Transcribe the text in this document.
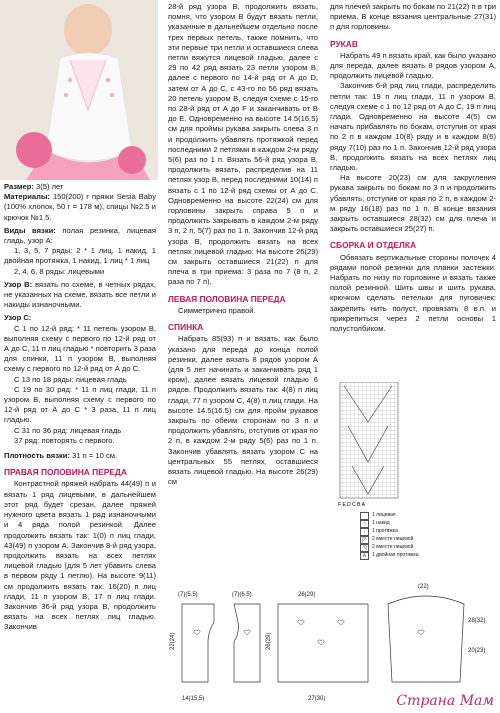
Размер: 3(5) лет

Материалы: 150(200) г пряжи Sesia Baby (100% хлопок, 50 г = 178 м), спицы №2.5 и крючок №1.5.

Виды вязки: полая резинка, лицевая гладь, узор А:

1, 3, 5, 7 ряды: 2 * 1 лиц, 1 накид, 1 двойная протяжка, 1 накид, 1 лиц * 1 лиц

2, 4, 6, 8 ряды: лицевыми

Узор B: вязать по схеме, в четных рядах, не указанных на схеме, вязать все петли и накиды изнаночными.

Узор С:

С 1 по 12-й ряд: * 11 петель узором В, выполняя схему с первого по 12-й ряд от А до С, 11 п лиц гладью * повторить 3 раза для спинки, 11 п узором В, выполняя схему с первого по 12-й ряд от А до С.

С 13 по 18 ряды: лицевая гладь

С 19 по 30 ряд: * 11 п лиц глади, 11 п узором В, выполняя схему с первого по 12-й ряд от А до С * 3 раза, 11 п лиц гладью.

С 31 по 36 ряд: лицевая гладь

37 ряд: повторять с первого.

Плотность вязки: 31 п = 10 см.

ПРАВАЯ ПОЛОВИНА ПЕРЕДА

Контрастной пряжей набрать 44(49) п и вязать 1 ряд лицевыми, в дальнейшем этот ряд будет срезан, далее пряжей нужного цвета вязать 1 ряд изнаночными и 4 ряда полой резинкой. Далее продолжить вязать так: 1(0) п лиц глади, 43(49) п узором А. Закончив 8-й ряд узора, продолжить вязать на всех петлях лицевой гладью (для 5 лет убавить слева в первом ряду 1 петлю). На высоте 9(11) см продолжить вязать так: 16(20) п лиц глади, 11 п узором В, 17 п лиц глади. Закончив 36-й ряд узора В, продолжить вязать на всех петлях лиц гладью. Закончив

28-й ряд узора В, продолжить вязать, помня, что узором В будут вязать петли, указанные в дальнейшем отдельно после трех первых петель, также помнить, что эти первые три петли и оставшиеся слева петли вяжутся лицевой гладью, далее с 29 по 42 ряд вязать 23 петли узором В, далее с первого по 14-й ряд от А до D, затем от А до С, с 43-го по 56 ряд вязать 20 петель узором В, следуя схеме с 15-го по 28-й ряд от А до F и заканчивать от B до E. Одновременно на высоте 14.5(16.5) см для проймы рукава закрыть слева 3 п и продолжить убавлять протяжкой перед последними 2 петлями в каждом 2-м ряду 5(6) раз по 1 п. Вязать 56-й ряд узора В, продолжить вязать, распределив на 11 петлях узор В, перед последними 10(14) п вязать с 1 по 12-й ряд схемы от А до С. Одновременно на высоте 22(24) см для горловины закрыть справа 5 п и продолжить закрывать в каждом 2-м ряду 3 п, 2 п, 5(7) раз по 1 п. Закончив 12-й ряд узора В, продолжить вязать на всех петлях лицевой гладью. На высоте 26(29) см закрыть оставшиеся 21(22) п для плеча в три приема: 3 раза по 7 (8 п, 2 раза по 7 п).

ЛЕВАЯ ПОЛОВИНА ПЕРЕДА

Симметрично правой.

СПИНКА

Набрать 85(93) п и вязать, как было указано для переда до конца полой резинки, далее вязать 8 рядов узором А (для 5 лет начинать и заканчивать ряд 1 кром), далее вязать лицевой гладью 6 рядов. Продолжить вязать так: 4(8) п лиц глади, 77 п узором С, 4(8) п лиц глади. На высоте 14.5(16.5) см для пройм рукавов закрыть по обеим сторонам по 3 п и продолжить убавлять, отступив от края по 2 п, в каждом 2-м ряду 5(6) раз по 1 п. Закончив убавлять вязать узором С на центральных 55 петлях, оставшиеся вязать лицевой гладью. На высоте 26(29) см

для плечей закрыть по бокам по 21(22) п в три приема. В конце вязания центральные 27(31) п для горловины.

РУКАВ

Набрать 49 п вязать край, как было указано для переда, далее вязать 8 рядов узором А, продолжить лицевой гладью.

Закончив 6-й ряд лиц глади, распределить петли так: 19 п лиц глади, 11 п узором В, следуя схеме с 1 по 12 ряд от А до С, 19 п лиц глади. Одновременно на высоте 4(5) см начать прибавлять по бокам, отступив от края по 2 п в каждом 10(8) ряду и в каждом 8(6) ряду 7(10) раз по 1 п. Закончив 12-й ряд узора В, продолжить вязать на всех петлях лиц гладью.

На высоте 20(23) см для закругления рукава закрыть по бокам по 3 п и продолжить убавлять, отступив от края по 2 п, в каждом 2-м ряду 16(18) раз по 1 п. В конце вязания закрыть оставшиеся 28(32) см для плеча и закрыть оставшиеся 25(27) п.

СБОРКА И ОТДЕЛКА

Обвязать вертикальные стороны полочек 4 рядами полой резинки для планки застежки. Набрать по низу по горловине и вязать также полой резинкой. Шить швы и шить рукава, крючком сделать петельки для пуговичек: закрепить нить полуст, провязать 8 в.п. и прикрепиться через 2 петли основы 1 полустолбиком.

F E D C B A
1 лицевая
○	1 накид
↑	1 протяжка
◸	2 вместе лицевой
◹	2 вместе лицевой
ᐱ	1 двойная протяжка
(7)(5.5)
22(24)
14(15,5)
(7)(6.5)
26(29)
26(29)
27(30)
(22)
28(32)
20(23)
Страна Мам
